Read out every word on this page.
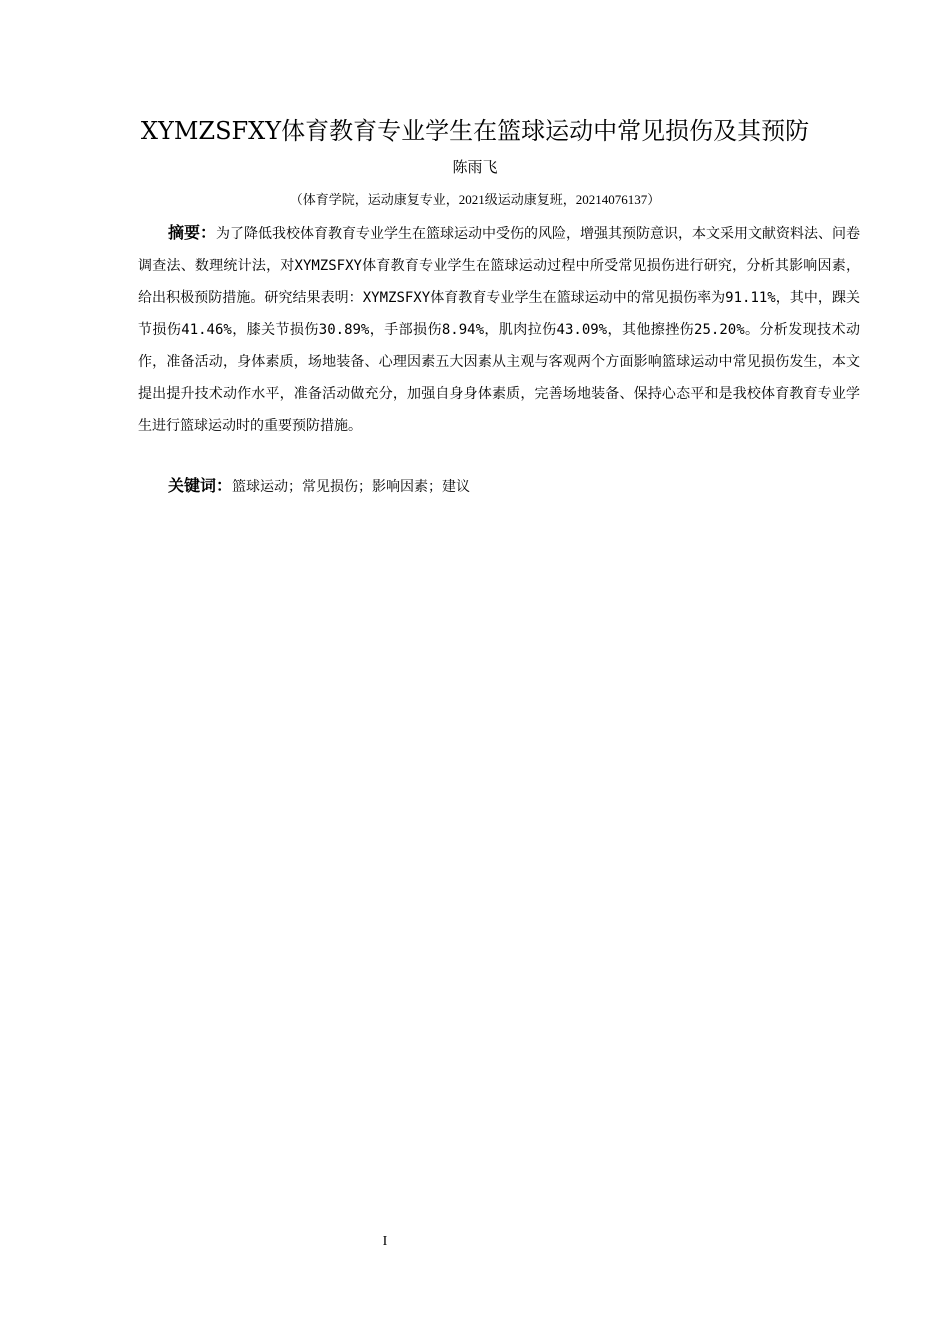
XYMZSFXY体育教育专业学生在篮球运动中常见损伤及其预防
陈雨飞
（体育学院，运动康复专业，2021级运动康复班，20214076137）

摘要：为了降低我校体育教育专业学生在篮球运动中受伤的风险，增强其预防意识，本文采用文献资料法、问卷调查法、数理统计法，对XYMZSFXY体育教育专业学生在篮球运动过程中所受常见损伤进行研究，分析其影响因素，给出积极预防措施。研究结果表明：XYMZSFXY体育教育专业学生在篮球运动中的常见损伤率为91.11%，其中，踝关节损伤41.46%，膝关节损伤30.89%，手部损伤8.94%，肌肉拉伤43.09%，其他擦挫伤25.20%。分析发现技术动作，准备活动，身体素质，场地装备、心理因素五大因素从主观与客观两个方面影响篮球运动中常见损伤发生，本文提出提升技术动作水平，准备活动做充分，加强自身身体素质，完善场地装备、保持心态平和是我校体育教育专业学生进行篮球运动时的重要预防措施。

关键词：篮球运动；常见损伤；影响因素；建议

I
